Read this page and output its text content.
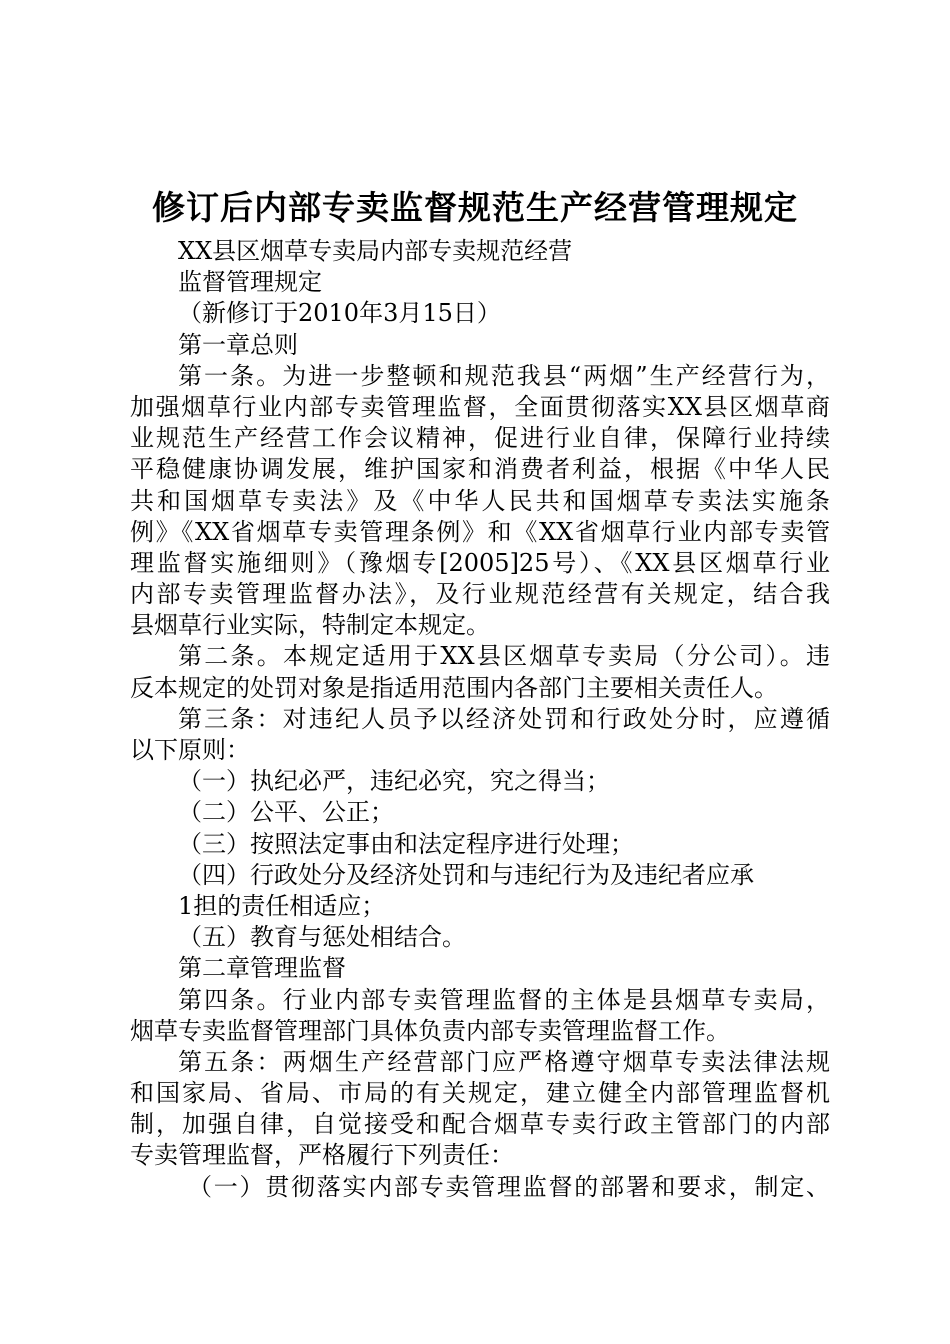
修订后内部专卖监督规范生产经营管理规定
XX县区烟草专卖局内部专卖规范经营
监督管理规定
（新修订于2010年3月15日）
第一章总则
第一条。为进一步整顿和规范我县“两烟”生产经营行为，
加强烟草行业内部专卖管理监督，全面贯彻落实XX县区烟草商
业规范生产经营工作会议精神，促进行业自律，保障行业持续
平稳健康协调发展，维护国家和消费者利益，根据《中华人民
共和国烟草专卖法》及《中华人民共和国烟草专卖法实施条
例》《XX省烟草专卖管理条例》和《XX省烟草行业内部专卖管
理监督实施细则》（豫烟专[2005]25号）、《XX县区烟草行业
内部专卖管理监督办法》，及行业规范经营有关规定，结合我
县烟草行业实际，特制定本规定。
第二条。本规定适用于XX县区烟草专卖局（分公司）。违
反本规定的处罚对象是指适用范围内各部门主要相关责任人。
第三条：对违纪人员予以经济处罚和行政处分时，应遵循
以下原则：
（一）执纪必严，违纪必究，究之得当；
（二）公平、公正；
（三）按照法定事由和法定程序进行处理；
（四）行政处分及经济处罚和与违纪行为及违纪者应承
1担的责任相适应；
（五）教育与惩处相结合。
第二章管理监督
第四条。行业内部专卖管理监督的主体是县烟草专卖局，
烟草专卖监督管理部门具体负责内部专卖管理监督工作。
第五条：两烟生产经营部门应严格遵守烟草专卖法律法规
和国家局、省局、市局的有关规定，建立健全内部管理监督机
制，加强自律，自觉接受和配合烟草专卖行政主管部门的内部
专卖管理监督，严格履行下列责任：
（一）贯彻落实内部专卖管理监督的部署和要求，制定、
